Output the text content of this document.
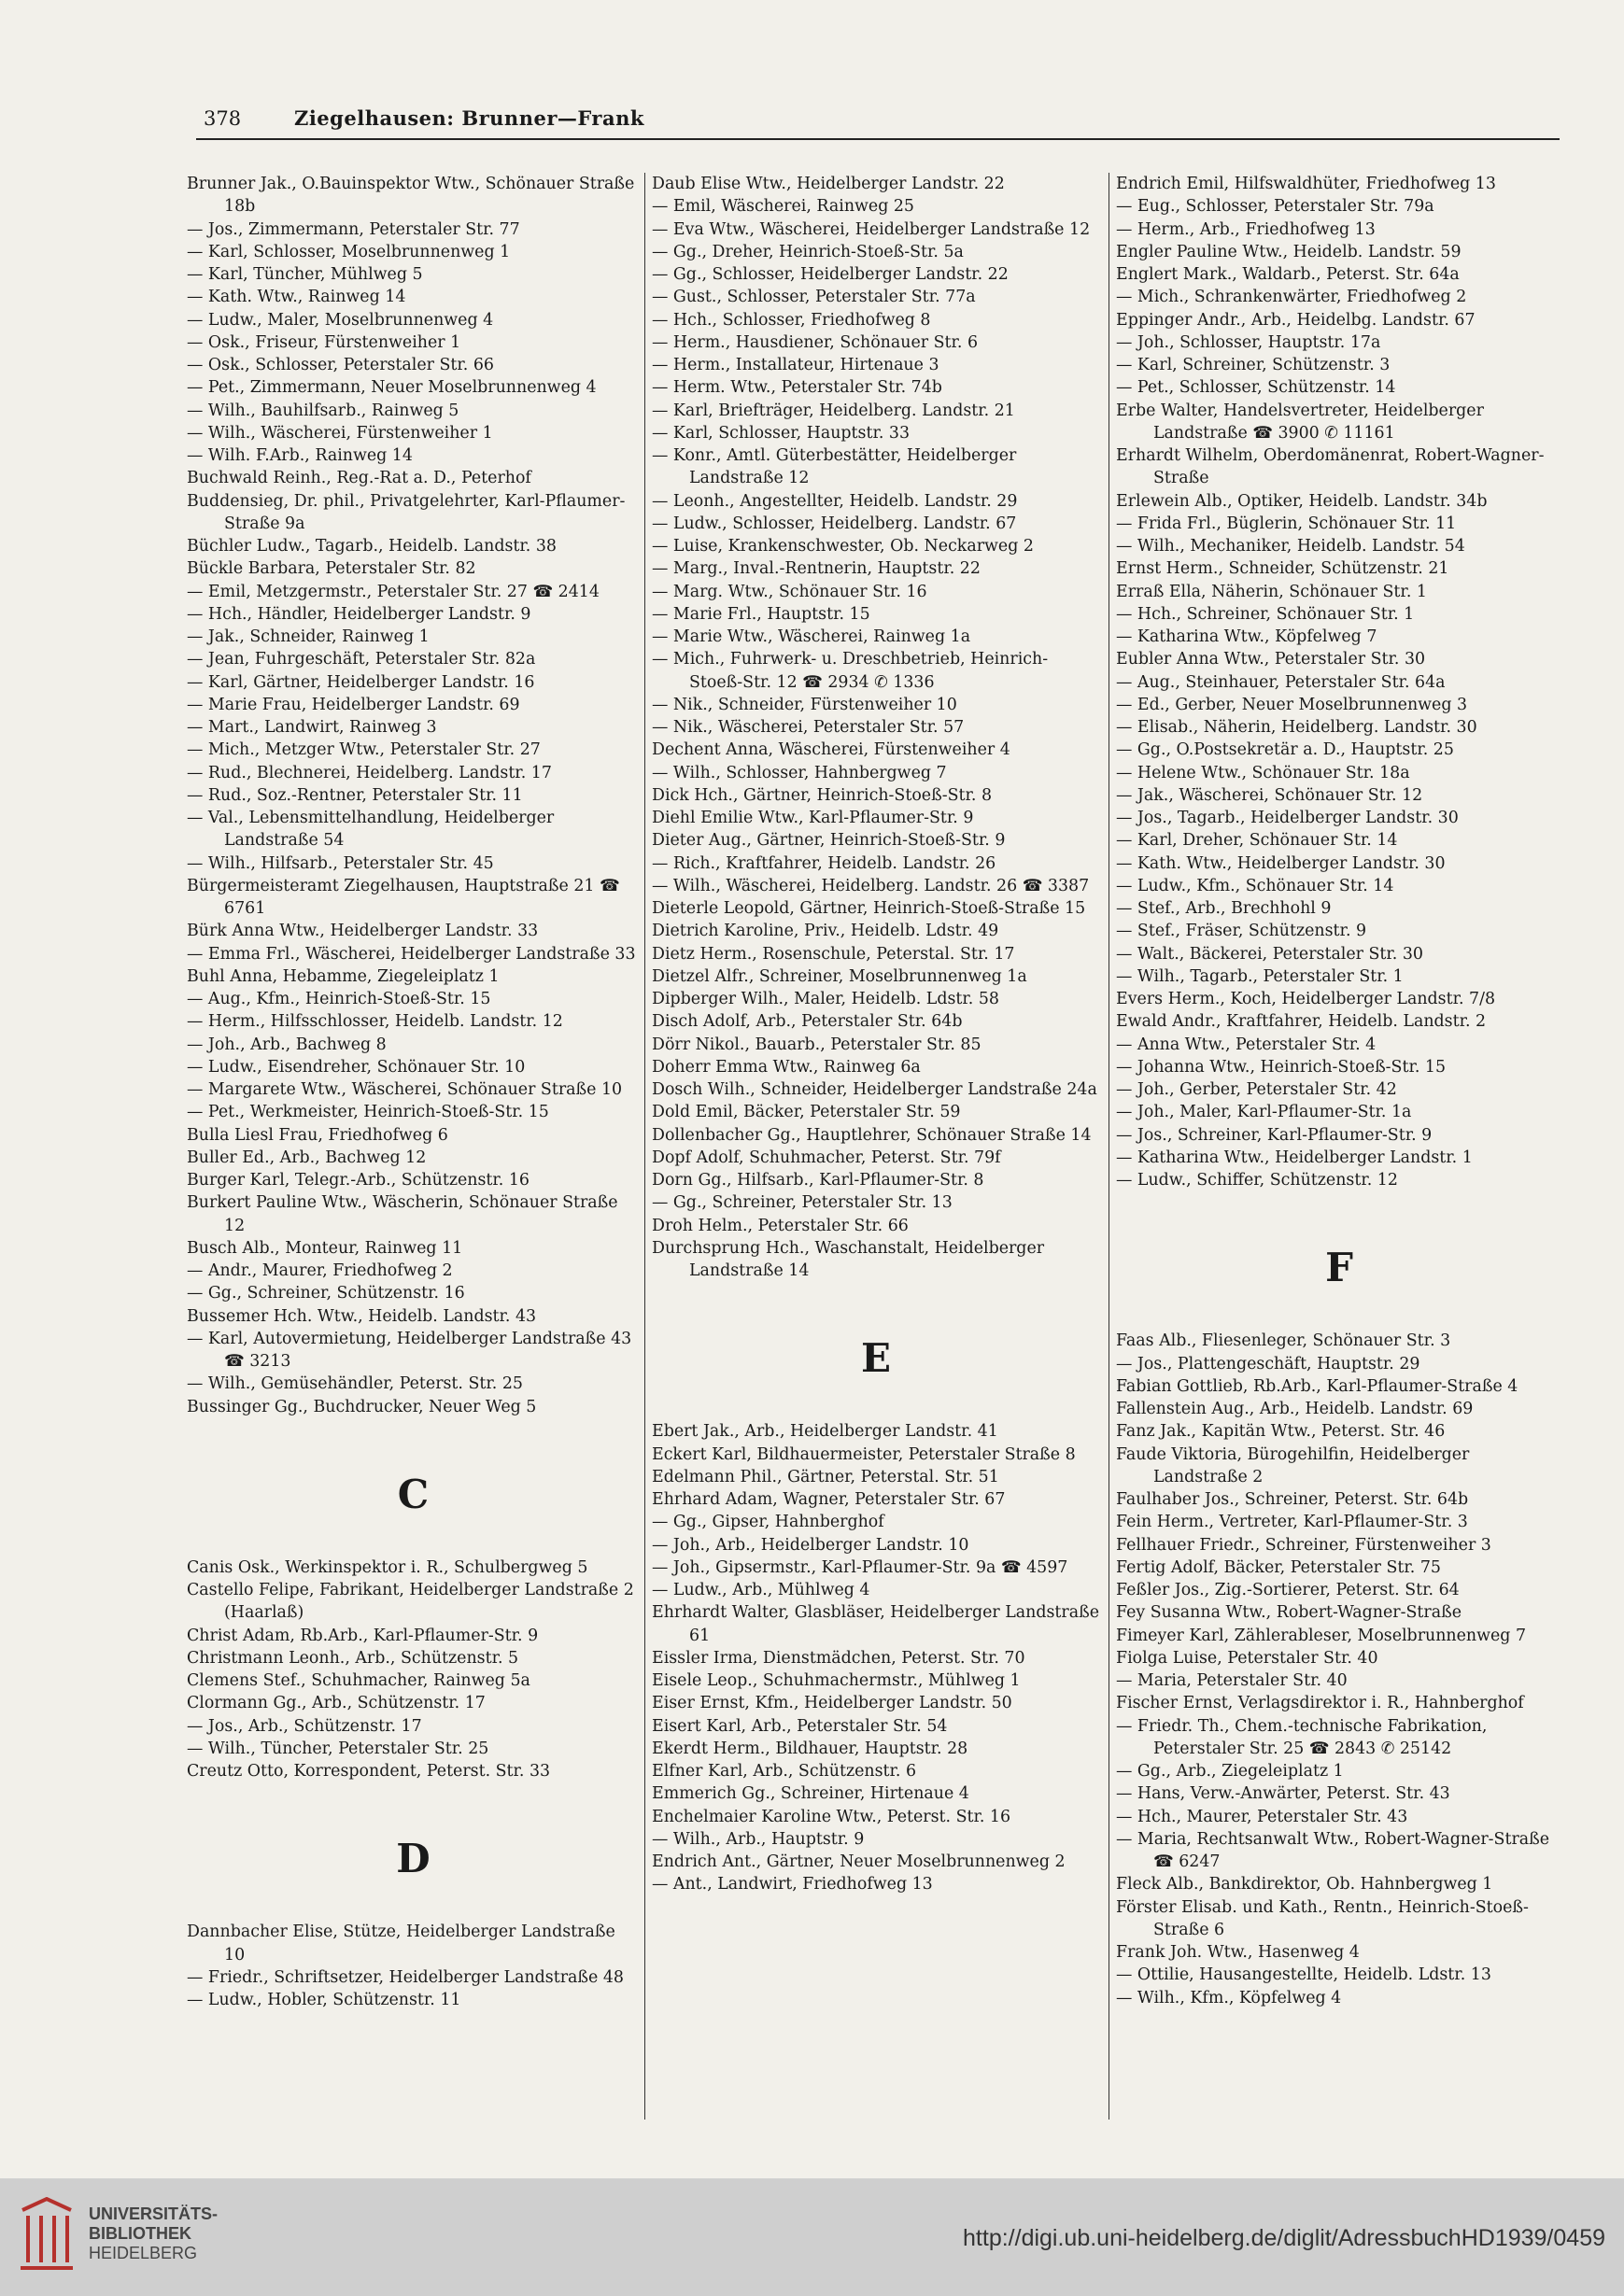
378	Ziegelhausen: Brunner—Frank
Brunner Jak., O.Bauinspektor Wtw., Schönauer Straße 18b
— Jos., Zimmermann, Peterstaler Str. 77
— Karl, Schlosser, Moselbrunnenweg 1
— Karl, Tüncher, Mühlweg 5
— Kath. Wtw., Rainweg 14
— Ludw., Maler, Moselbrunnenweg 4
— Osk., Friseur, Fürstenweiher 1
— Osk., Schlosser, Peterstaler Str. 66
— Pet., Zimmermann, Neuer Moselbrunnenweg 4
— Wilh., Bauhilfsarb., Rainweg 5
— Wilh., Wäscherei, Fürstenweiher 1
— Wilh. F.Arb., Rainweg 14
Buchwald Reinh., Reg.-Rat a. D., Peterhof
Buddensieg, Dr. phil., Privatgelehrter, Karl-Pflaumer-Straße 9a
Büchler Ludw., Tagarb., Heidelb. Landstr. 38
Bückle Barbara, Peterstaler Str. 82
— Emil, Metzgermstr., Peterstaler Str. 27 ☎ 2414
— Hch., Händler, Heidelberger Landstr. 9
— Jak., Schneider, Rainweg 1
— Jean, Fuhrgeschäft, Peterstaler Str. 82a
— Karl, Gärtner, Heidelberger Landstr. 16
— Marie Frau, Heidelberger Landstr. 69
— Mart., Landwirt, Rainweg 3
— Mich., Metzger Wtw., Peterstaler Str. 27
— Rud., Blechnerei, Heidelberg. Landstr. 17
— Rud., Soz.-Rentner, Peterstaler Str. 11
— Val., Lebensmittelhandlung, Heidelberger Landstraße 54
— Wilh., Hilfsarb., Peterstaler Str. 45
Bürgermeisteramt Ziegelhausen, Hauptstraße 21 ☎ 6761
Bürk Anna Wtw., Heidelberger Landstr. 33
— Emma Frl., Wäscherei, Heidelberger Landstraße 33
Buhl Anna, Hebamme, Ziegeleiplatz 1
— Aug., Kfm., Heinrich-Stoeß-Str. 15
— Herm., Hilfsschlosser, Heidelb. Landstr. 12
— Joh., Arb., Bachweg 8
— Ludw., Eisendreher, Schönauer Str. 10
— Margarete Wtw., Wäscherei, Schönauer Straße 10
— Pet., Werkmeister, Heinrich-Stoeß-Str. 15
Bulla Liesl Frau, Friedhofweg 6
Buller Ed., Arb., Bachweg 12
Burger Karl, Telegr.-Arb., Schützenstr. 16
Burkert Pauline Wtw., Wäscherin, Schönauer Straße 12
Busch Alb., Monteur, Rainweg 11
— Andr., Maurer, Friedhofweg 2
— Gg., Schreiner, Schützenstr. 16
Bussemer Hch. Wtw., Heidelb. Landstr. 43
— Karl, Autovermietung, Heidelberger Landstraße 43 ☎ 3213
— Wilh., Gemüsehändler, Peterst. Str. 25
Bussinger Gg., Buchdrucker, Neuer Weg 5
C
Canis Osk., Werkinspektor i. R., Schulbergweg 5
Castello Felipe, Fabrikant, Heidelberger Landstraße 2 (Haarlaß)
Christ Adam, Rb.Arb., Karl-Pflaumer-Str. 9
Christmann Leonh., Arb., Schützenstr. 5
Clemens Stef., Schuhmacher, Rainweg 5a
Clormann Gg., Arb., Schützenstr. 17
— Jos., Arb., Schützenstr. 17
— Wilh., Tüncher, Peterstaler Str. 25
Creutz Otto, Korrespondent, Peterst. Str. 33
D
Dannbacher Elise, Stütze, Heidelberger Landstraße 10
— Friedr., Schriftsetzer, Heidelberger Landstraße 48
— Ludw., Hobler, Schützenstr. 11
Daub Elise Wtw., Heidelberger Landstr. 22
— Emil, Wäscherei, Rainweg 25
— Eva Wtw., Wäscherei, Heidelberger Landstraße 12
— Gg., Dreher, Heinrich-Stoeß-Str. 5a
— Gg., Schlosser, Heidelberger Landstr. 22
— Gust., Schlosser, Peterstaler Str. 77a
— Hch., Schlosser, Friedhofweg 8
— Herm., Hausdiener, Schönauer Str. 6
— Herm., Installateur, Hirtenaue 3
— Herm. Wtw., Peterstaler Str. 74b
— Karl, Briefträger, Heidelberg. Landstr. 21
— Karl, Schlosser, Hauptstr. 33
— Konr., Amtl. Güterbestätter, Heidelberger Landstraße 12
— Leonh., Angestellter, Heidelb. Landstr. 29
— Ludw., Schlosser, Heidelberg. Landstr. 67
— Luise, Krankenschwester, Ob. Neckarweg 2
— Marg., Inval.-Rentnerin, Hauptstr. 22
— Marg. Wtw., Schönauer Str. 16
— Marie Frl., Hauptstr. 15
— Marie Wtw., Wäscherei, Rainweg 1a
— Mich., Fuhrwerk- u. Dreschbetrieb, Heinrich-Stoeß-Str. 12 ☎ 2934 ✆ 1336
— Nik., Schneider, Fürstenweiher 10
— Nik., Wäscherei, Peterstaler Str. 57
Dechent Anna, Wäscherei, Fürstenweiher 4
— Wilh., Schlosser, Hahnbergweg 7
Dick Hch., Gärtner, Heinrich-Stoeß-Str. 8
Diehl Emilie Wtw., Karl-Pflaumer-Str. 9
Dieter Aug., Gärtner, Heinrich-Stoeß-Str. 9
— Rich., Kraftfahrer, Heidelb. Landstr. 26
— Wilh., Wäscherei, Heidelberg. Landstr. 26 ☎ 3387
Dieterle Leopold, Gärtner, Heinrich-Stoeß-Straße 15
Dietrich Karoline, Priv., Heidelb. Ldstr. 49
Dietz Herm., Rosenschule, Peterstal. Str. 17
Dietzel Alfr., Schreiner, Moselbrunnenweg 1a
Dipberger Wilh., Maler, Heidelb. Ldstr. 58
Disch Adolf, Arb., Peterstaler Str. 64b
Dörr Nikol., Bauarb., Peterstaler Str. 85
Doherr Emma Wtw., Rainweg 6a
Dosch Wilh., Schneider, Heidelberger Landstraße 24a
Dold Emil, Bäcker, Peterstaler Str. 59
Dollenbacher Gg., Hauptlehrer, Schönauer Straße 14
Dopf Adolf, Schuhmacher, Peterst. Str. 79f
Dorn Gg., Hilfsarb., Karl-Pflaumer-Str. 8
— Gg., Schreiner, Peterstaler Str. 13
Droh Helm., Peterstaler Str. 66
Durchsprung Hch., Waschanstalt, Heidelberger Landstraße 14
E
Ebert Jak., Arb., Heidelberger Landstr. 41
Eckert Karl, Bildhauermeister, Peterstaler Straße 8
Edelmann Phil., Gärtner, Peterstal. Str. 51
Ehrhard Adam, Wagner, Peterstaler Str. 67
— Gg., Gipser, Hahnberghof
— Joh., Arb., Heidelberger Landstr. 10
— Joh., Gipsermstr., Karl-Pflaumer-Str. 9a ☎ 4597
— Ludw., Arb., Mühlweg 4
Ehrhardt Walter, Glasbläser, Heidelberger Landstraße 61
Eissler Irma, Dienstmädchen, Peterst. Str. 70
Eisele Leop., Schuhmachermstr., Mühlweg 1
Eiser Ernst, Kfm., Heidelberger Landstr. 50
Eisert Karl, Arb., Peterstaler Str. 54
Ekerdt Herm., Bildhauer, Hauptstr. 28
Elfner Karl, Arb., Schützenstr. 6
Emmerich Gg., Schreiner, Hirtenaue 4
Enchelmaier Karoline Wtw., Peterst. Str. 16
— Wilh., Arb., Hauptstr. 9
Endrich Ant., Gärtner, Neuer Moselbrunnenweg 2
— Ant., Landwirt, Friedhofweg 13
Endrich Emil, Hilfswaldhüter, Friedhofweg 13
— Eug., Schlosser, Peterstaler Str. 79a
— Herm., Arb., Friedhofweg 13
Engler Pauline Wtw., Heidelb. Landstr. 59
Englert Mark., Waldarb., Peterst. Str. 64a
— Mich., Schrankenwärter, Friedhofweg 2
Eppinger Andr., Arb., Heidelbg. Landstr. 67
— Joh., Schlosser, Hauptstr. 17a
— Karl, Schreiner, Schützenstr. 3
— Pet., Schlosser, Schützenstr. 14
Erbe Walter, Handelsvertreter, Heidelberger Landstraße ☎ 3900 ✆ 11161
Erhardt Wilhelm, Oberdomänenrat, Robert-Wagner-Straße
Erlewein Alb., Optiker, Heidelb. Landstr. 34b
— Frida Frl., Büglerin, Schönauer Str. 11
— Wilh., Mechaniker, Heidelb. Landstr. 54
Ernst Herm., Schneider, Schützenstr. 21
Erraß Ella, Näherin, Schönauer Str. 1
— Hch., Schreiner, Schönauer Str. 1
— Katharina Wtw., Köpfelweg 7
Eubler Anna Wtw., Peterstaler Str. 30
— Aug., Steinhauer, Peterstaler Str. 64a
— Ed., Gerber, Neuer Moselbrunnenweg 3
— Elisab., Näherin, Heidelberg. Landstr. 30
— Gg., O.Postsekretär a. D., Hauptstr. 25
— Helene Wtw., Schönauer Str. 18a
— Jak., Wäscherei, Schönauer Str. 12
— Jos., Tagarb., Heidelberger Landstr. 30
— Karl, Dreher, Schönauer Str. 14
— Kath. Wtw., Heidelberger Landstr. 30
— Ludw., Kfm., Schönauer Str. 14
— Stef., Arb., Brechhohl 9
— Stef., Fräser, Schützenstr. 9
— Walt., Bäckerei, Peterstaler Str. 30
— Wilh., Tagarb., Peterstaler Str. 1
Evers Herm., Koch, Heidelberger Landstr. 7/8
Ewald Andr., Kraftfahrer, Heidelb. Landstr. 2
— Anna Wtw., Peterstaler Str. 4
— Johanna Wtw., Heinrich-Stoeß-Str. 15
— Joh., Gerber, Peterstaler Str. 42
— Joh., Maler, Karl-Pflaumer-Str. 1a
— Jos., Schreiner, Karl-Pflaumer-Str. 9
— Katharina Wtw., Heidelberger Landstr. 1
— Ludw., Schiffer, Schützenstr. 12
F
Faas Alb., Fliesenleger, Schönauer Str. 3
— Jos., Plattengeschäft, Hauptstr. 29
Fabian Gottlieb, Rb.Arb., Karl-Pflaumer-Straße 4
Fallenstein Aug., Arb., Heidelb. Landstr. 69
Fanz Jak., Kapitän Wtw., Peterst. Str. 46
Faude Viktoria, Bürogehilfin, Heidelberger Landstraße 2
Faulhaber Jos., Schreiner, Peterst. Str. 64b
Fein Herm., Vertreter, Karl-Pflaumer-Str. 3
Fellhauer Friedr., Schreiner, Fürstenweiher 3
Fertig Adolf, Bäcker, Peterstaler Str. 75
Feßler Jos., Zig.-Sortierer, Peterst. Str. 64
Fey Susanna Wtw., Robert-Wagner-Straße
Fimeyer Karl, Zählerableser, Moselbrunnenweg 7
Fiolga Luise, Peterstaler Str. 40
— Maria, Peterstaler Str. 40
Fischer Ernst, Verlagsdirektor i. R., Hahnberghof
— Friedr. Th., Chem.-technische Fabrikation, Peterstaler Str. 25 ☎ 2843 ✆ 25142
— Gg., Arb., Ziegeleiplatz 1
— Hans, Verw.-Anwärter, Peterst. Str. 43
— Hch., Maurer, Peterstaler Str. 43
— Maria, Rechtsanwalt Wtw., Robert-Wagner-Straße ☎ 6247
Fleck Alb., Bankdirektor, Ob. Hahnbergweg 1
Förster Elisab. und Kath., Rentn., Heinrich-Stoeß-Straße 6
Frank Joh. Wtw., Hasenweg 4
— Ottilie, Hausangestellte, Heidelb. Ldstr. 13
— Wilh., Kfm., Köpfelweg 4
UNIVERSITÄTS-
BIBLIOTHEK
HEIDELBERG
http://digi.ub.uni-heidelberg.de/diglit/AdressbuchHD1939/0459
